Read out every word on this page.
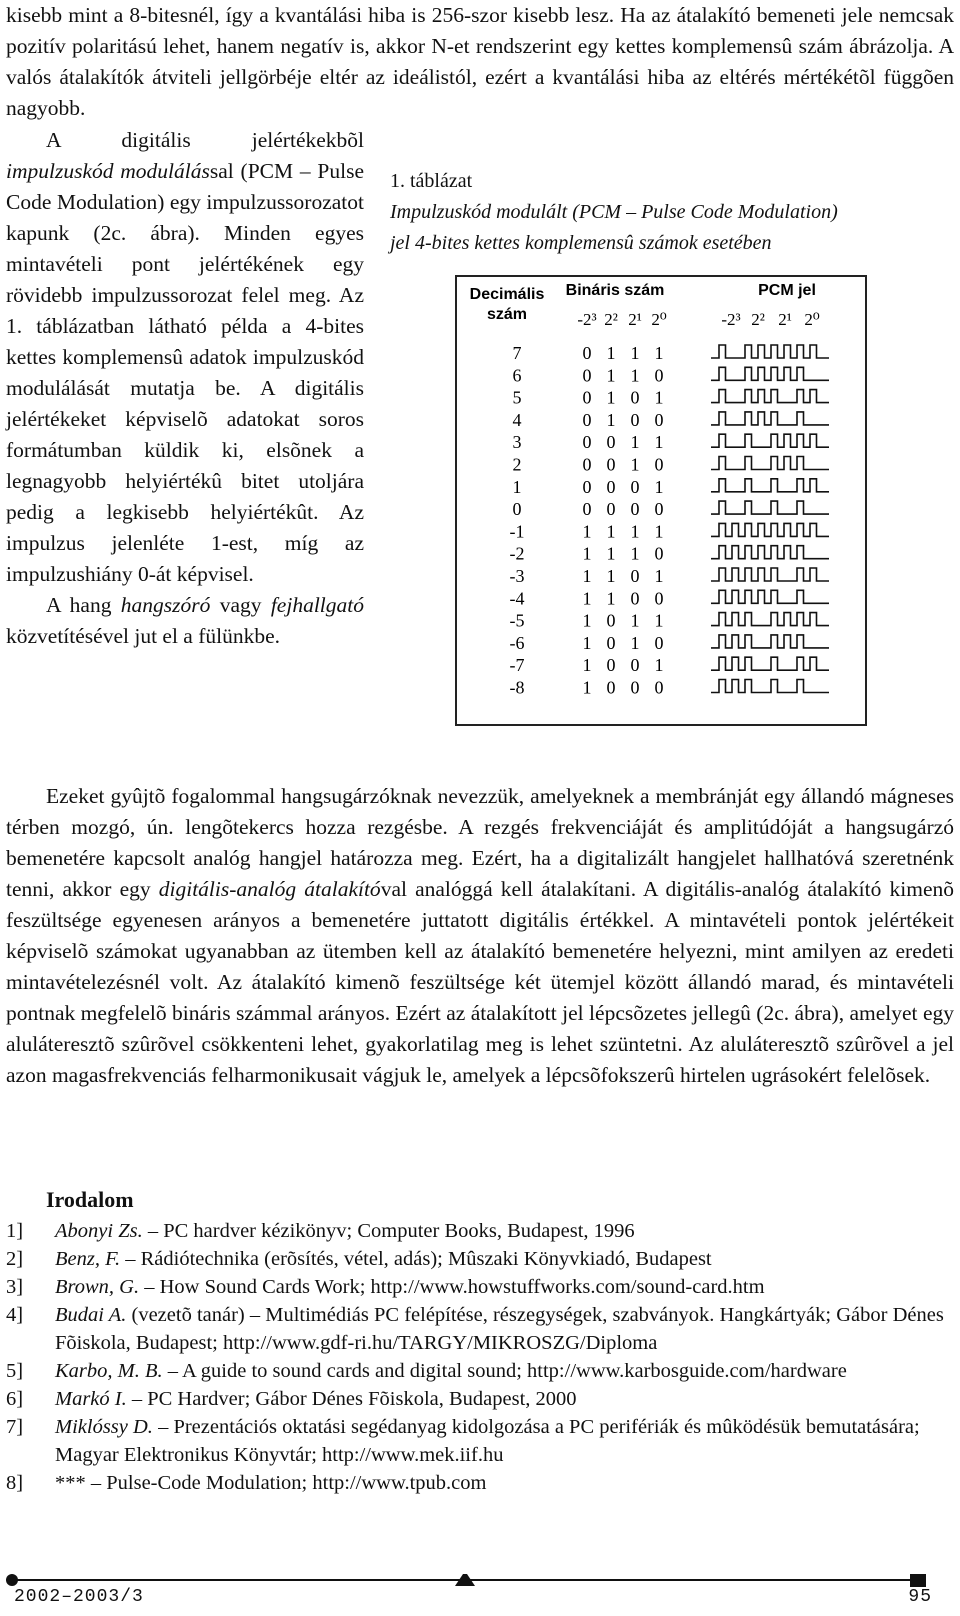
kisebb mint a 8-bitesnél, így a kvantálási hiba is 256-szor kisebb lesz. Ha az átalakító bemeneti jele nemcsak pozitív polaritású lehet, hanem negatív is, akkor N-et rendszerint egy kettes komplemensû szám ábrázolja. A valós átalakítók átviteli jellgörbéje eltér az ideálistól, ezért a kvantálási hiba az eltérés mértékétõl függõen nagyobb.

A digitális jelértékekbõl impulzuskód modulálással (PCM – Pulse Code Modulation) egy impulzussorozatot kapunk (2c. ábra). Minden egyes mintavételi pont jelértékének egy rövidebb impulzussorozat felel meg. Az 1. táblázatban látható példa a 4-bites kettes komplemensû adatok impulzuskód modulálását mutatja be. A digitális jelértékeket képviselõ adatokat soros formátumban küldik ki, elsõnek a legnagyobb helyiértékû bitet utoljára pedig a legkisebb helyiértékût. Az impulzus jelenléte 1-est, míg az impulzushiány 0-át képvisel.

A hang hangszóró vagy fejhallgató közvetítésével jut el a fülünkbe.

1. táblázat
Impulzuskód modulált (PCM – Pulse Code Modulation)
jel 4-bites kettes komplemensû számok esetében
Decimális
szám
Bináris szám	PCM jel
-2³ 2² 2¹ 2⁰	-2³ 2² 2¹ 2⁰
7	0 1 1 1
6	0 1 1 0
5	0 1 0 1
4	0 1 0 0
3	0 0 1 1
2	0 0 1 0
1	0 0 0 1
0	0 0 0 0
-1	1 1 1 1
-2	1 1 1 0
-3	1 1 0 1
-4	1 1 0 0
-5	1 0 1 1
-6	1 0 1 0
-7	1 0 0 1
-8	1 0 0 0

Ezeket gyûjtõ fogalommal hangsugárzóknak nevezzük, amelyeknek a membránját egy állandó mágneses térben mozgó, ún. lengõtekercs hozza rezgésbe. A rezgés frekvenciáját és amplitúdóját a hangsugárzó bemenetére kapcsolt analóg hangjel határozza meg. Ezért, ha a digitalizált hangjelet hallhatóvá szeretnénk tenni, akkor egy digitális-analóg átalakítóval analóggá kell átalakítani. A digitális-analóg átalakító kimenõ feszültsége egyenesen arányos a bemenetére juttatott digitális értékkel. A mintavételi pontok jelértékeit képviselõ számokat ugyanabban az ütemben kell az átalakító bemenetére helyezni, mint amilyen az eredeti mintavételezésnél volt. Az átalakító kimenõ feszültsége két ütemjel között állandó marad, és mintavételi pontnak megfelelõ bináris számmal arányos. Ezért az átalakított jel lépcsõzetes jellegû (2c. ábra), amelyet egy aluláteresztõ szûrõvel csökkenteni lehet, gyakorlatilag meg is lehet szüntetni. Az aluláteresztõ szûrõvel a jel azon magasfrekvenciás felharmonikusait vágjuk le, amelyek a lépcsõfokszerû hirtelen ugrásokért felelõsek.

Irodalom
1]	Abonyi Zs. – PC hardver kézikönyv; Computer Books, Budapest, 1996
2]	Benz, F. – Rádiótechnika (erõsítés, vétel, adás); Mûszaki Könyvkiadó, Budapest
3]	Brown, G. – How Sound Cards Work; http://www.howstuffworks.com/sound-card.htm
4]	Budai A. (vezetõ tanár) – Multimédiás PC felépítése, részegységek, szabványok. Hangkártyák; Gábor Dénes Fõiskola, Budapest; http://www.gdf-ri.hu/TARGY/MIKROSZG/Diploma
5]	Karbo, M. B. – A guide to sound cards and digital sound; http://www.karbosguide.com/hardware
6]	Markó I. – PC Hardver; Gábor Dénes Fõiskola, Budapest, 2000
7]	Miklóssy D. – Prezentációs oktatási segédanyag kidolgozása a PC perifériák és mûködésük bemutatására; Magyar Elektronikus Könyvtár; http://www.mek.iif.hu
8]	*** – Pulse-Code Modulation; http://www.tpub.com
2002–2003/3	95
